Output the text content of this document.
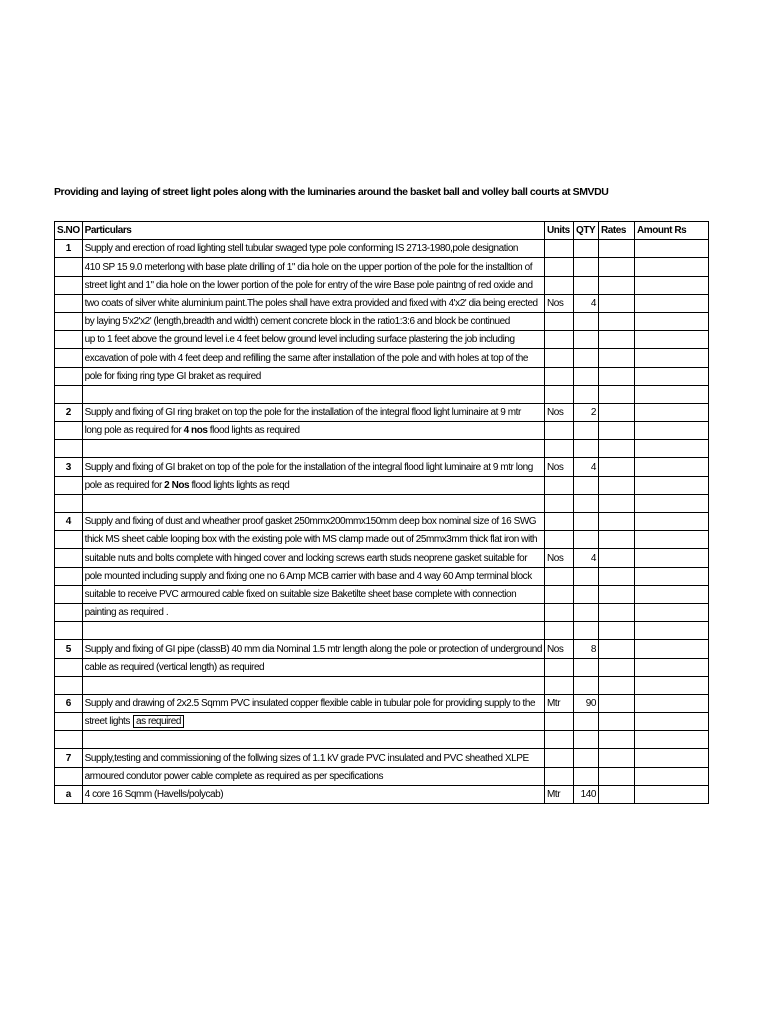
Providing and laying of street light poles along with the luminaries around the basket ball and volley ball courts at SMVDU
S.NO	Particulars	Units	QTY	Rates	Amount Rs
1	Supply and erection of road lighting stell tubular swaged type pole conforming IS 2713-1980,pole designation				
	410 SP 15 9.0 meterlong with base plate drilling of 1" dia hole on the upper portion of the pole for the installtion of				
	street light and 1" dia hole on the lower portion of the pole for entry of the wire Base pole paintng of red oxide and				
	two coats of silver white aluminium paint.The poles shall have extra provided and fixed with 4'x2' dia being erected	Nos	4		
	by laying 5'x2'x2' (length,breadth and width) cement concrete block in the ratio1:3:6 and block be continued				
	up to 1 feet above the ground level i.e 4 feet below ground level including surface plastering the job including				
	excavation of pole with 4 feet deep and refilling the same after installation of the pole and with holes at top of the				
	pole for fixing ring type GI braket as required				

2	Supply and fixing of GI ring braket on top the pole for the installation of the integral flood light luminaire at 9 mtr	Nos	2		
	long pole as required for 4 nos flood lights as required				

3	Supply and fixing of GI braket on top of the pole for the installation of the integral flood light luminaire at 9 mtr long	Nos	4		
	pole as required for 2 Nos flood lights lights as reqd				

4	Supply and fixing of dust and wheather proof gasket 250mmx200mmx150mm deep box nominal size of 16 SWG				
	thick MS sheet cable looping box with the existing pole with MS clamp made out of 25mmx3mm thick flat iron with				
	suitable nuts and bolts complete with hinged cover and locking screws earth studs neoprene gasket suitable for	Nos	4		
	pole mounted including supply and fixing one no 6 Amp MCB carrier with base and 4 way 60 Amp terminal block				
	suitable to receive PVC armoured cable fixed on suitable size Baketilte sheet base complete with connection				
	painting as required .				

5	Supply and fixing of GI pipe (classB) 40 mm dia Nominal 1.5 mtr length along the pole or protection of underground	Nos	8		
	cable as required (vertical length) as required				

6	Supply and drawing of 2x2.5 Sqmm PVC insulated copper flexible cable in tubular pole for providing supply to the	Mtr	90		
	street lights as required				

7	Supply,testing and commissioning of the follwing sizes of 1.1 kV grade PVC insulated and PVC sheathed XLPE				
	armoured condutor power cable complete as required as per specifications				
a	4 core 16 Sqmm (Havells/polycab)	Mtr	140		
